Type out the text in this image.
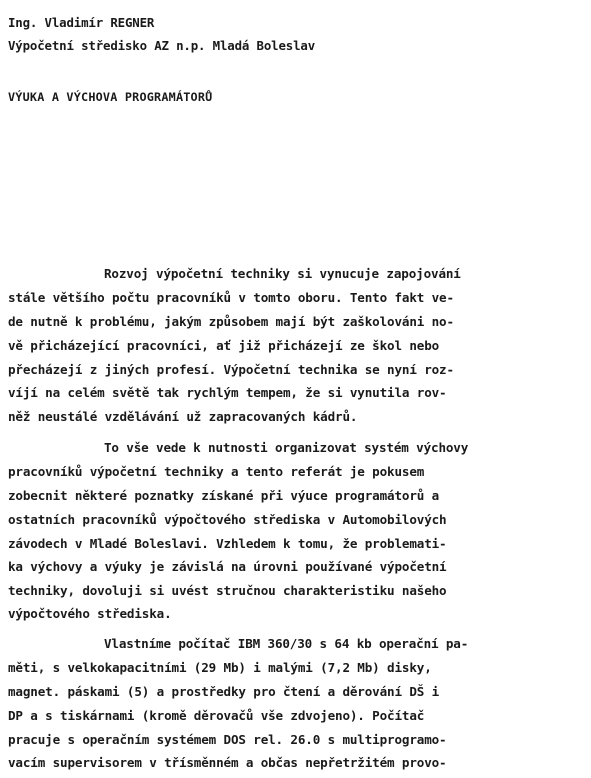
Ing. Vladimír REGNER
Výpočetní středisko AZ n.p. Mladá Boleslav
VÝUKA A VÝCHOVA PROGRAMÁTORŮ
Rozvoj výpočetní techniky si vynucuje zapojování
stále většího počtu pracovníků v tomto oboru. Tento fakt ve-
de nutně k problému, jakým způsobem mají být zaškolováni no-
vě přicházející pracovníci, ať již přicházejí ze škol nebo
přecházejí z jiných profesí. Výpočetní technika se nyní roz-
víjí na celém světě tak rychlým tempem, že si vynutila rov-
něž neustálé vzdělávání už zapracovaných kádrů.
To vše vede k nutnosti organizovat systém výchovy
pracovníků výpočetní techniky a tento referát je pokusem
zobecnit některé poznatky získané při výuce programátorů a
ostatních pracovníků výpočtového střediska v Automobilových
závodech v Mladé Boleslavi. Vzhledem k tomu, že problemati-
ka výchovy a výuky je závislá na úrovni používané výpočetní
techniky, dovoluji si uvést stručnou charakteristiku našeho
výpočtového střediska.
Vlastníme počítač IBM 360/30 s 64 kb operační pa-
měti, s velkokapacitními (29 Mb) i malými (7,2 Mb) disky,
magnet. páskami (5) a prostředky pro čtení a děrování DŠ i
DP a s tiskárnami (kromě děrovačů vše zdvojeno). Počítač
pracuje s operačním systémem DOS rel. 26.0 s multiprogramo-
vacím supervisorem v třísměnném a občas nepřetržitém provo-
